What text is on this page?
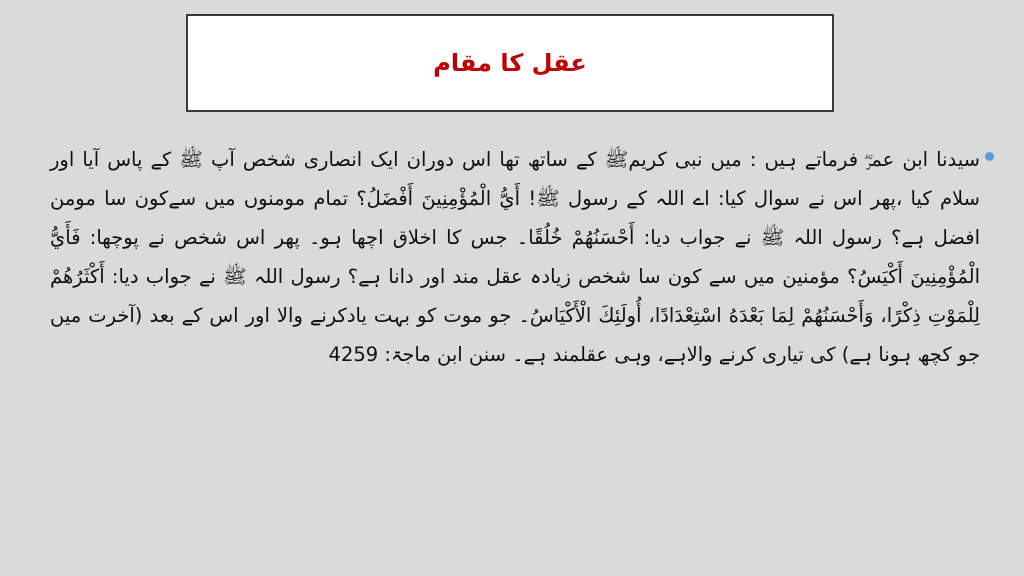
عقل کا مقام

سیدنا ابن عمرؓ فرماتے ہیں : میں نبی کریمﷺ کے ساتھ تھا اس دوران ایک انصاری شخص آپ ﷺ کے پاس آیا اور سلام کیا ،پھر اس نے سوال کیا: اے اللہ کے رسول ﷺ! أَيُّ الْمُؤْمِنِينَ أَفْضَلُ؟ تمام مومنوں میں سےکون سا مومن افضل ہے؟ رسول اللہ ﷺ نے جواب دیا: أَحْسَنُهُمْ خُلُقًا۔ جس کا اخلاق اچھا ہو۔ پھر اس شخص نے پوچھا: فَأَيُّ الْمُؤْمِنِينَ أَكْيَسُ؟ مؤمنین میں سے کون سا شخص زیادہ عقل مند اور دانا ہے؟ رسول اللہ ﷺ نے جواب دیا: أَكْثَرُهُمْ لِلْمَوْتِ ذِكْرًا، وَأَحْسَنُهُمْ لِمَا بَعْدَهُ اسْتِعْدَادًا، أُولَئِكَ الْأَكْيَاسُ۔ جو موت کو بہت یادکرنے والا اور اس کے بعد (آخرت میں جو کچھ ہونا ہے) کی تیاری کرنے والاہے، وہی عقلمند ہے۔ سنن ابن ماجۃ: 4259
